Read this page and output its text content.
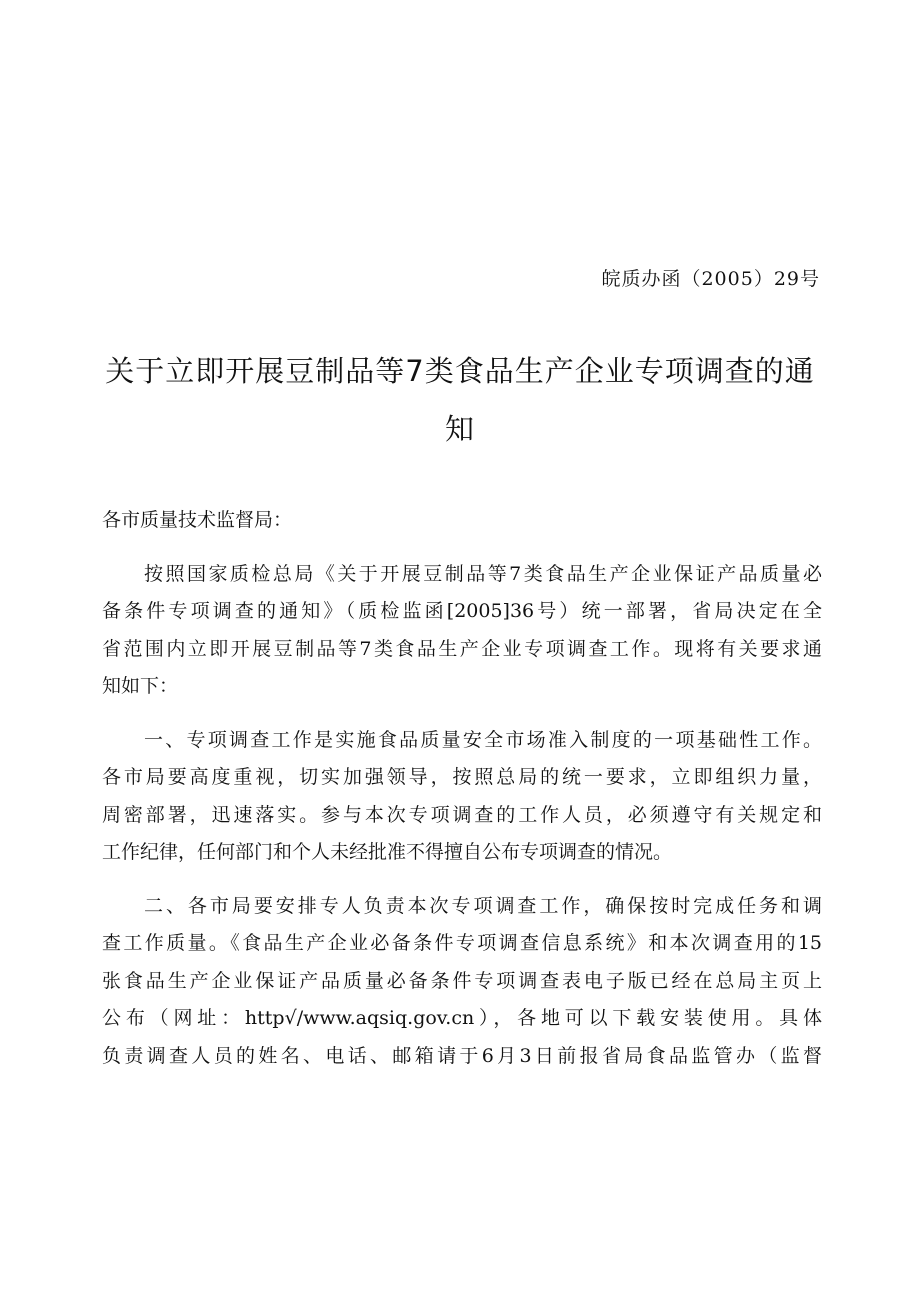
皖质办函（2005）29号
关于立即开展豆制品等7类食品生产企业专项调查的通
知
各市质量技术监督局：
按照国家质检总局《关于开展豆制品等7类食品生产企业保证产品质量必
备条件专项调查的通知》（质检监函[2005]36号）统一部署，省局决定在全
省范围内立即开展豆制品等7类食品生产企业专项调查工作。现将有关要求通
知如下：
一、专项调查工作是实施食品质量安全市场准入制度的一项基础性工作。
各市局要高度重视，切实加强领导，按照总局的统一要求，立即组织力量，
周密部署，迅速落实。参与本次专项调查的工作人员，必须遵守有关规定和
工作纪律，任何部门和个人未经批准不得擅自公布专项调查的情况。
二、各市局要安排专人负责本次专项调查工作，确保按时完成任务和调
查工作质量。《食品生产企业必备条件专项调查信息系统》和本次调查用的15
张食品生产企业保证产品质量必备条件专项调查表电子版已经在总局主页上
公布（网址：http√/www.aqsiq.gov.cn），各地可以下载安装使用。具体
负责调查人员的姓名、电话、邮箱请于6月3日前报省局食品监管办（监督
